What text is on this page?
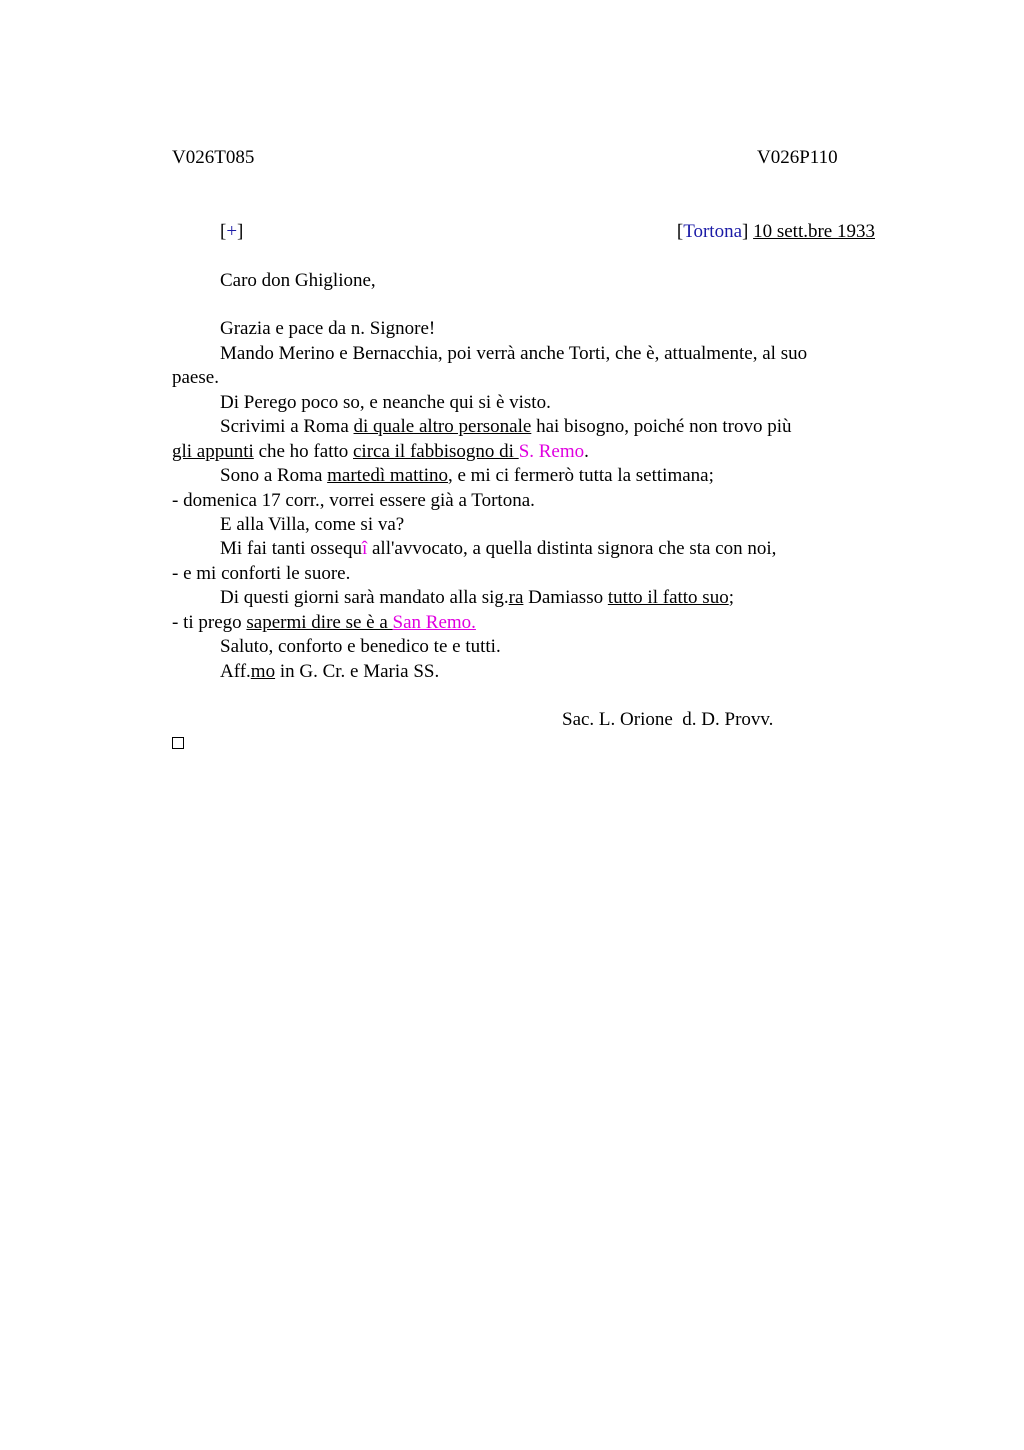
V026T085	V026P110
[+]	[Tortona] 10 sett.bre 1933
Caro don Ghiglione,
Grazia e pace da n. Signore!
Mando Merino e Bernacchia, poi verrà anche Torti, che è, attualmente, al suo
paese.
Di Perego poco so, e neanche qui si è visto.
Scrivimi a Roma di quale altro personale hai bisogno, poiché non trovo più
gli appunti che ho fatto circa il fabbisogno di S. Remo.
Sono a Roma martedì mattino, e mi ci fermerò tutta la settimana;
- domenica 17 corr., vorrei essere già a Tortona.
E alla Villa, come si va?
Mi fai tanti ossequî all'avvocato, a quella distinta signora che sta con noi,
- e mi conforti le suore.
Di questi giorni sarà mandato alla sig.ra Damiasso tutto il fatto suo;
- ti prego sapermi dire se è a San Remo.
Saluto, conforto e benedico te e tutti.
Aff.mo in G. Cr. e Maria SS.
Sac. L. Orione  d. D. Provv.
